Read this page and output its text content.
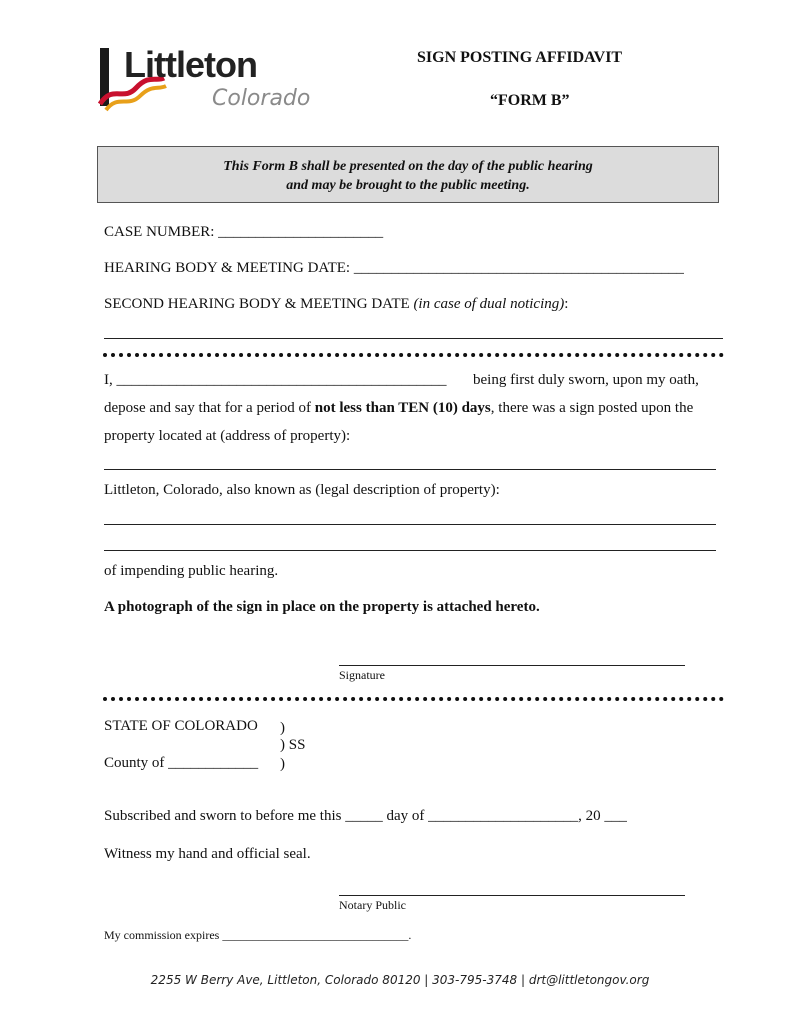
Littleton
Colorado
SIGN POSTING AFFIDAVIT
“FORM B”
This Form B shall be presented on the day of the public hearing
and may be brought to the public meeting.
CASE NUMBER: ______________________
HEARING BODY & MEETING DATE: ____________________________________________
SECOND HEARING BODY & MEETING DATE (in case of dual noticing):
I, ____________________________________________ being first duly sworn, upon my oath,
depose and say that for a period of not less than TEN (10) days, there was a sign posted upon the
property located at (address of property):
Littleton, Colorado, also known as (legal description of property):
of impending public hearing.
A photograph of the sign in place on the property is attached hereto.
Signature
STATE OF COLORADO )
) SS
County of ____________ )
Subscribed and sworn to before me this _____ day of ____________________, 20 ___
Witness my hand and official seal.
Notary Public
My commission expires _______________________________.
2255 W Berry Ave, Littleton, Colorado 80120 | 303-795-3748 | drt@littletongov.org
